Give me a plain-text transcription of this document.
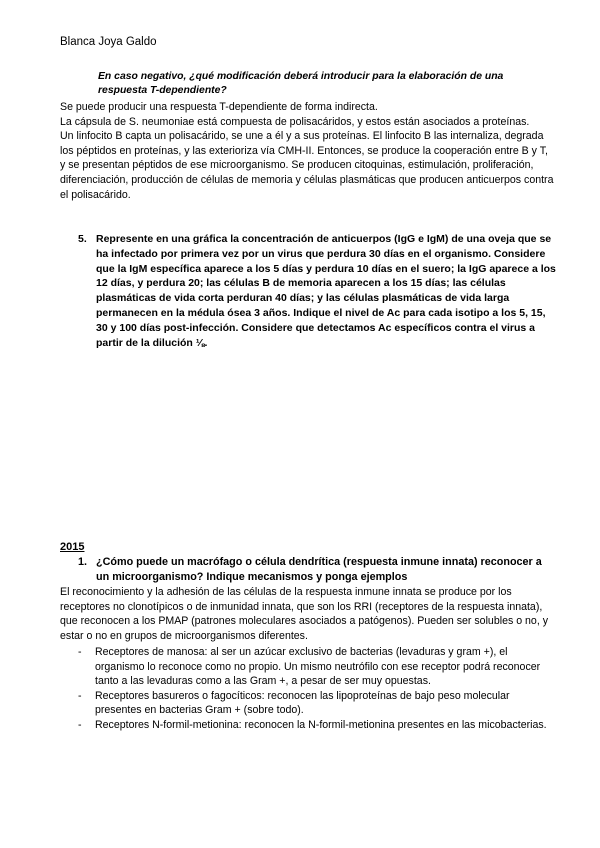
Blanca Joya Galdo
En caso negativo, ¿qué modificación deberá introducir para la elaboración de una respuesta T-dependiente?

Se puede producir una respuesta T-dependiente de forma indirecta.

La cápsula de S. neumoniae está compuesta de polisacáridos, y estos están asociados a proteínas.

Un linfocito B capta un polisacárido, se une a él y a sus proteínas. El linfocito B las internaliza, degrada los péptidos en proteínas, y las exterioriza vía CMH-II. Entonces, se produce la cooperación entre B y T, y se presentan péptidos de ese microorganismo. Se producen citoquinas, estimulación, proliferación, diferenciación, producción de células de memoria y células plasmáticas que producen anticuerpos contra el polisacárido.

5. Represente en una gráfica la concentración de anticuerpos (IgG e IgM) de una oveja que se ha infectado por primera vez por un virus que perdura 30 días en el organismo. Considere que la IgM específica aparece a los 5 días y perdura 10 días en el suero; la IgG aparece a los 12 días, y perdura 20; las células B de memoria aparecen a los 15 días; las células plasmáticas de vida corta perduran 40 días; y las células plasmáticas de vida larga permanecen en la médula ósea 3 años. Indique el nivel de Ac para cada isotipo a los 5, 15, 30 y 100 días post-infección. Considere que detectamos Ac específicos contra el virus a partir de la dilución ⅛.
2015
1. ¿Cómo puede un macrófago o célula dendrítica (respuesta inmune innata) reconocer a un microorganismo? Indique mecanismos y ponga ejemplos

El reconocimiento y la adhesión de las células de la respuesta inmune innata se produce por los receptores no clonotípicos o de inmunidad innata, que son los RRI (receptores de la respuesta innata), que reconocen a los PMAP (patrones moleculares asociados a patógenos). Pueden ser solubles o no, y estar o no en grupos de microorganismos diferentes.

- Receptores de manosa: al ser un azúcar exclusivo de bacterias (levaduras y gram +), el organismo lo reconoce como no propio. Un mismo neutrófilo con ese receptor podrá reconocer tanto a las levaduras como a las Gram +, a pesar de ser muy opuestas.
- Receptores basureros o fagocíticos: reconocen las lipoproteínas de bajo peso molecular presentes en bacterias Gram + (sobre todo).
- Receptores N-formil-metionina: reconocen la N-formil-metionina presentes en las micobacterias.
